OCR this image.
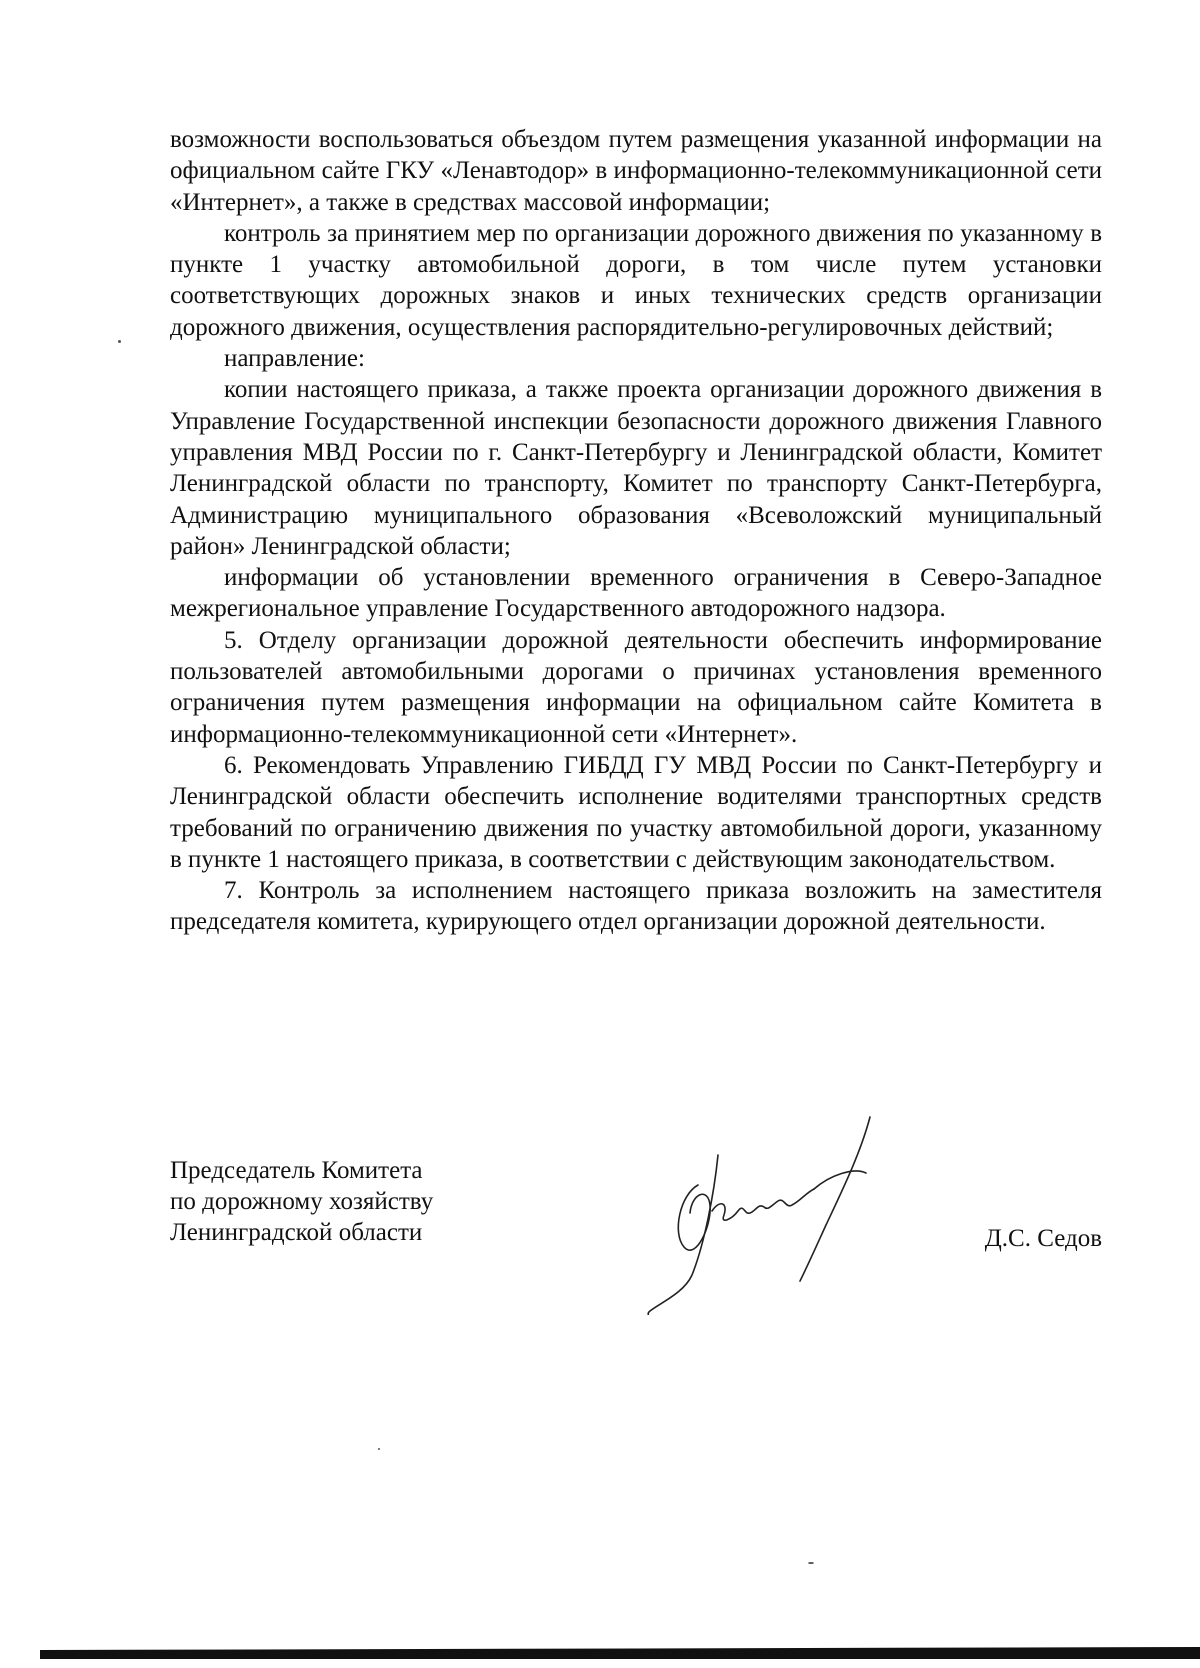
возможности воспользоваться объездом путем размещения указанной информации на официальном сайте ГКУ «Ленавтодор» в информационно-телекоммуникационной сети «Интернет», а также в средствах массовой информации;

контроль за принятием мер по организации дорожного движения по указанному в пункте 1 участку автомобильной дороги, в том числе путем установки соответствующих дорожных знаков и иных технических средств организации дорожного движения, осуществления распорядительно-регулировочных действий;

направление:

копии настоящего приказа, а также проекта организации дорожного движения в Управление Государственной инспекции безопасности дорожного движения Главного управления МВД России по г. Санкт-Петербургу и Ленинградской области, Комитет Ленинградской области по транспорту, Комитет по транспорту Санкт-Петербурга, Администрацию муниципального образования «Всеволожский муниципальный район» Ленинградской области;

информации об установлении временного ограничения в Северо-Западное межрегиональное управление Государственного автодорожного надзора.

5. Отделу организации дорожной деятельности обеспечить информирование пользователей автомобильными дорогами о причинах установления временного ограничения путем размещения информации на официальном сайте Комитета в информационно-телекоммуникационной сети «Интернет».

6. Рекомендовать Управлению ГИБДД ГУ МВД России по Санкт-Петербургу и Ленинградской области обеспечить исполнение водителями транспортных средств требований по ограничению движения по участку автомобильной дороги, указанному в пункте 1 настоящего приказа, в соответствии с действующим законодательством.

7. Контроль за исполнением настоящего приказа возложить на заместителя председателя комитета, курирующего отдел организации дорожной деятельности.

Председатель Комитета
по дорожному хозяйству
Ленинградской области	Д.С. Седов
